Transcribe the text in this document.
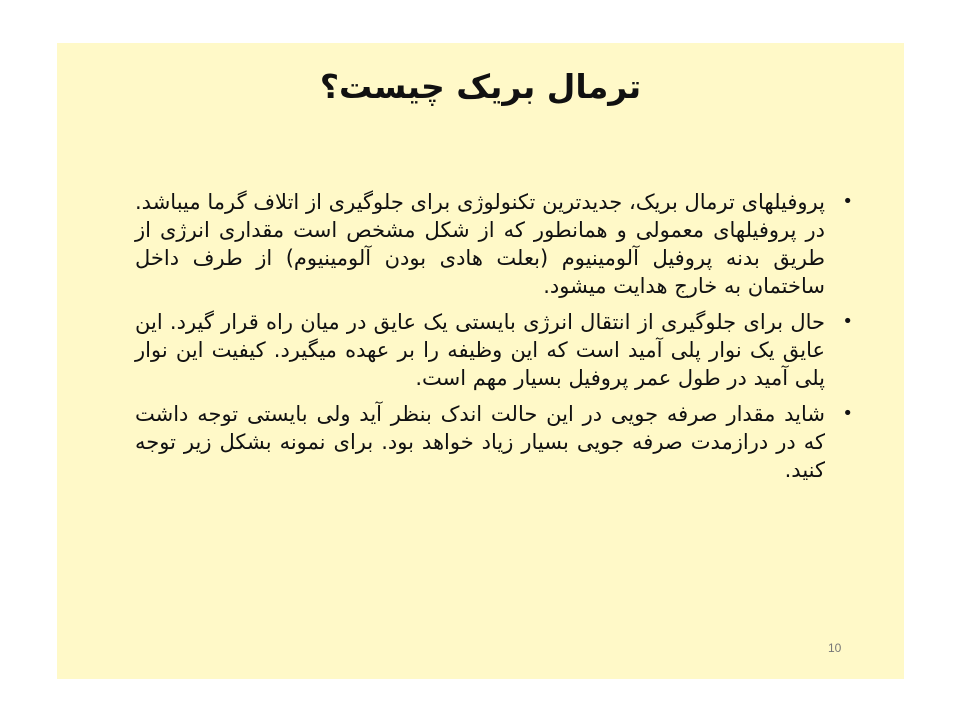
ترمال بریک چیست؟
•
پروفیلهای ترمال بریک، جدیدترین تکنولوژی برای جلوگیری از اتلاف گرما میباشد. در پروفیلهای معمولی و همانطور که از شکل مشخص است مقداری انرژی از طریق بدنه پروفیل آلومینیوم (بعلت هادی بودن آلومینیوم) از طرف داخل ساختمان به خارج هدایت میشود.
•
حال برای جلوگیری از انتقال انرژی بایستی یک عایق در میان راه قرار گیرد. این عایق یک نوار پلی آمید است که این وظیفه را بر عهده میگیرد. کیفیت این نوار پلی آمید در طول عمر پروفیل بسیار مهم است.
•
شاید مقدار صرفه جویی در این حالت اندک بنظر آید ولی بایستی توجه داشت که در درازمدت صرفه جویی بسیار زیاد خواهد بود. برای نمونه بشکل زیر توجه کنید.
10
